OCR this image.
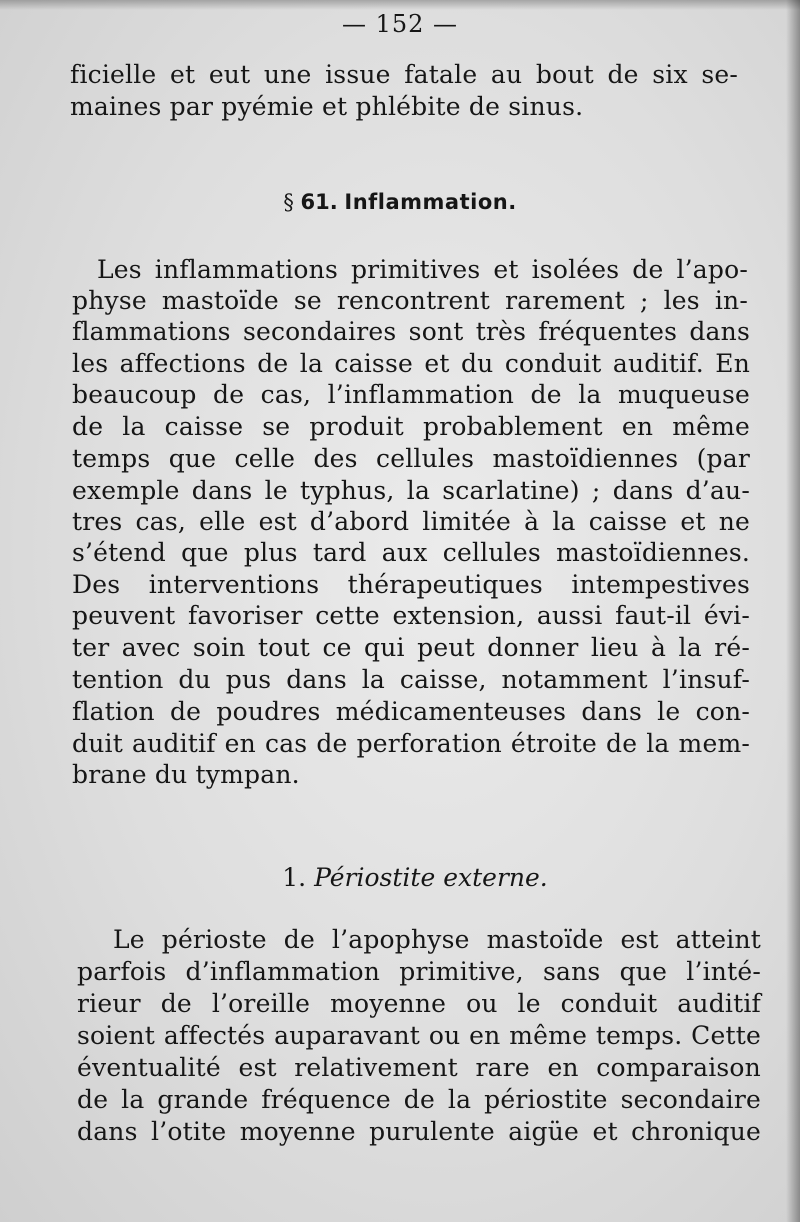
— 152 —
ficielle et eut une issue fatale au bout de six se-
maines par pyémie et phlébite de sinus.
§ 61. Inflammation.
Les inflammations primitives et isolées de l’apo-
physe mastoïde se rencontrent rarement ; les in-
flammations secondaires sont très fréquentes dans
les affections de la caisse et du conduit auditif. En
beaucoup de cas, l’inflammation de la muqueuse
de la caisse se produit probablement en même
temps que celle des cellules mastoïdiennes (par
exemple dans le typhus, la scarlatine) ; dans d’au-
tres cas, elle est d’abord limitée à la caisse et ne
s’étend que plus tard aux cellules mastoïdiennes.
Des interventions thérapeutiques intempestives
peuvent favoriser cette extension, aussi faut-il évi-
ter avec soin tout ce qui peut donner lieu à la ré-
tention du pus dans la caisse, notamment l’insuf-
flation de poudres médicamenteuses dans le con-
duit auditif en cas de perforation étroite de la mem-
brane du tympan.
1. Périostite externe.
Le périoste de l’apophyse mastoïde est atteint
parfois d’inflammation primitive, sans que l’inté-
rieur de l’oreille moyenne ou le conduit auditif
soient affectés auparavant ou en même temps. Cette
éventualité est relativement rare en comparaison
de la grande fréquence de la périostite secondaire
dans l’otite moyenne purulente aigüe et chronique
